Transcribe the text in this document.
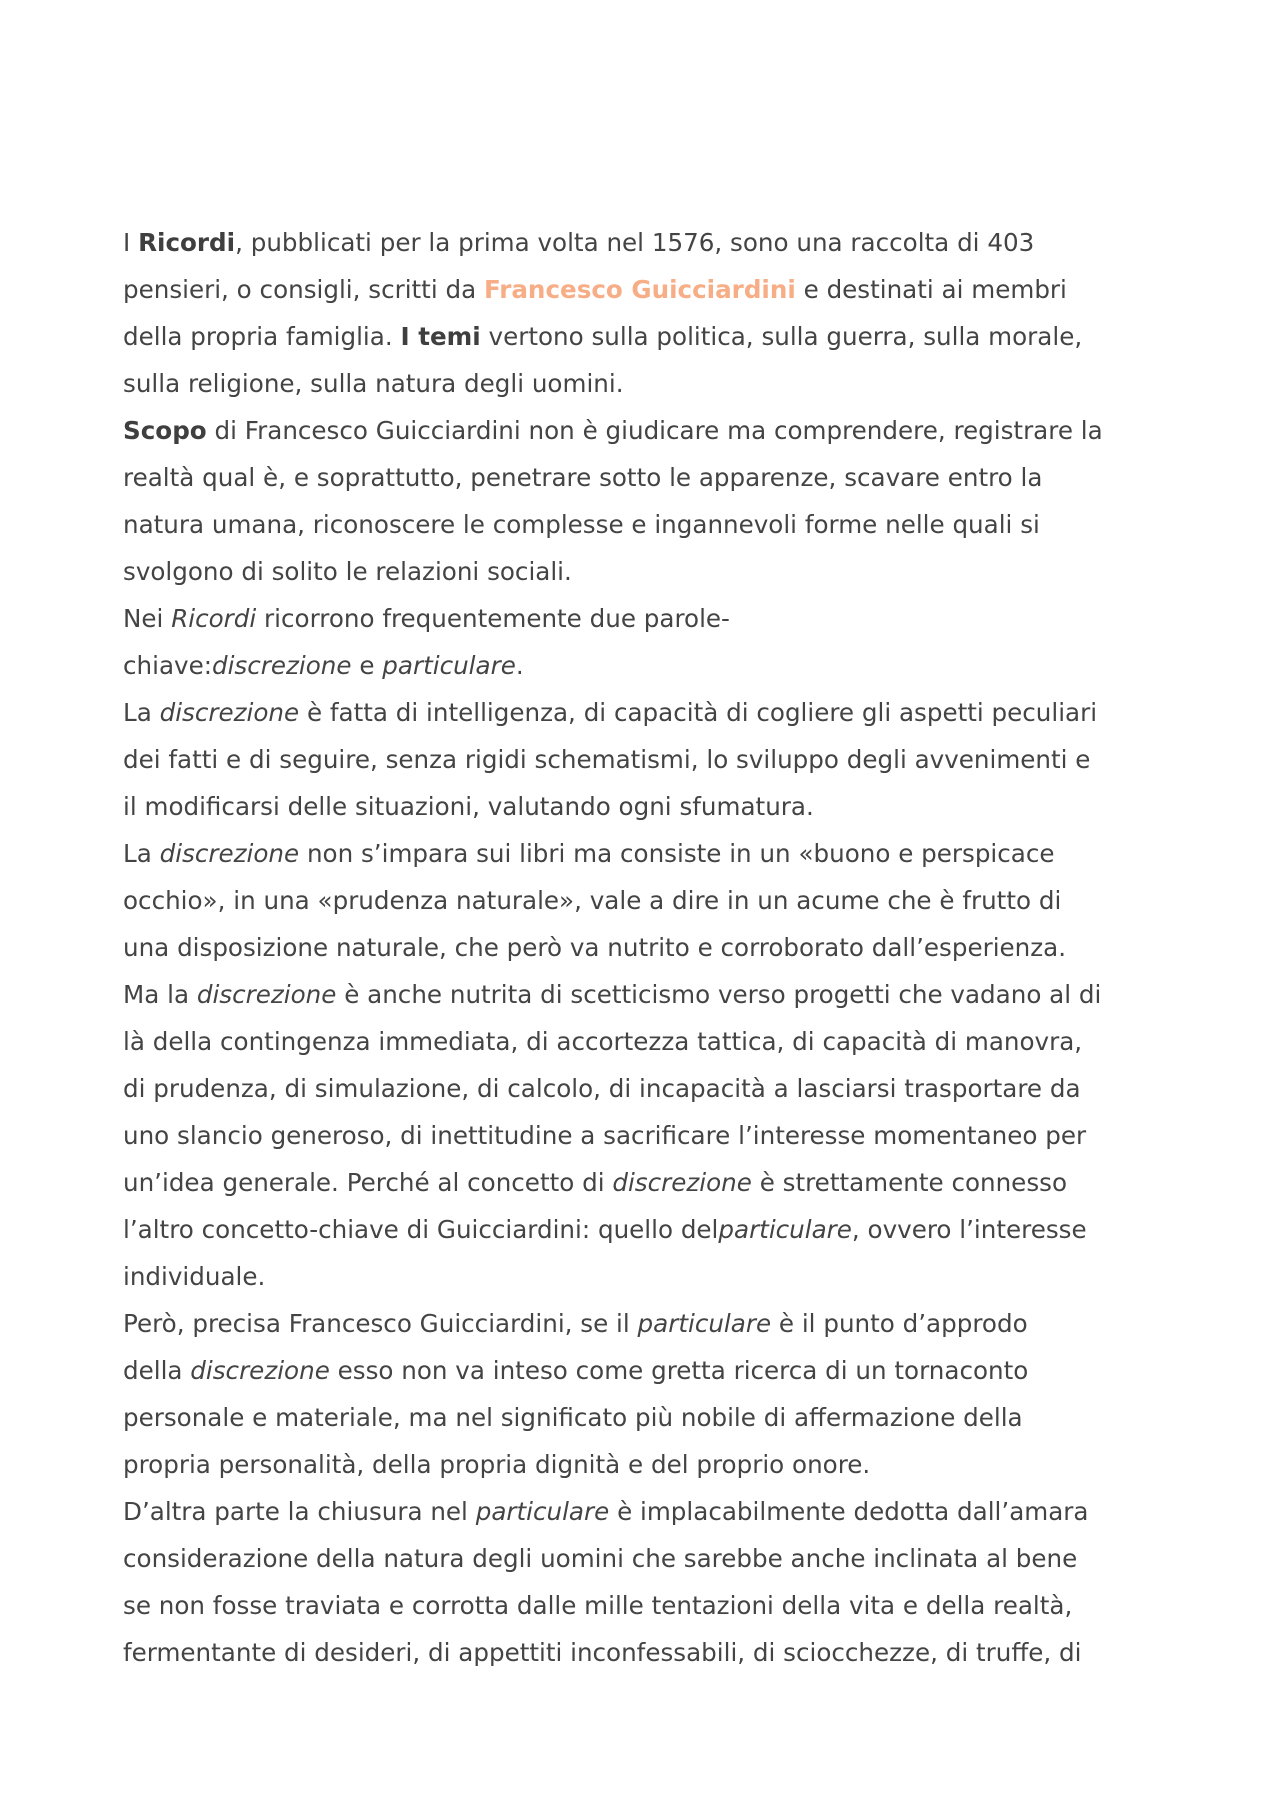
I Ricordi, pubblicati per la prima volta nel 1576, sono una raccolta di 403
pensieri, o consigli, scritti da Francesco Guicciardini e destinati ai membri
della propria famiglia. I temi vertono sulla politica, sulla guerra, sulla morale,
sulla religione, sulla natura degli uomini.
Scopo di Francesco Guicciardini non è giudicare ma comprendere, registrare la
realtà qual è, e soprattutto, penetrare sotto le apparenze, scavare entro la
natura umana, riconoscere le complesse e ingannevoli forme nelle quali si
svolgono di solito le relazioni sociali.
Nei Ricordi ricorrono frequentemente due parole-
chiave:discrezione e particulare.
La discrezione è fatta di intelligenza, di capacità di cogliere gli aspetti peculiari
dei fatti e di seguire, senza rigidi schematismi, lo sviluppo degli avvenimenti e
il modificarsi delle situazioni, valutando ogni sfumatura.
La discrezione non s’impara sui libri ma consiste in un «buono e perspicace
occhio», in una «prudenza naturale», vale a dire in un acume che è frutto di
una disposizione naturale, che però va nutrito e corroborato dall’esperienza.
Ma la discrezione è anche nutrita di scetticismo verso progetti che vadano al di
là della contingenza immediata, di accortezza tattica, di capacità di manovra,
di prudenza, di simulazione, di calcolo, di incapacità a lasciarsi trasportare da
uno slancio generoso, di inettitudine a sacrificare l’interesse momentaneo per
un’idea generale. Perché al concetto di discrezione è strettamente connesso
l’altro concetto-chiave di Guicciardini: quello delparticulare, ovvero l’interesse
individuale.
Però, precisa Francesco Guicciardini, se il particulare è il punto d’approdo
della discrezione esso non va inteso come gretta ricerca di un tornaconto
personale e materiale, ma nel significato più nobile di affermazione della
propria personalità, della propria dignità e del proprio onore.
D’altra parte la chiusura nel particulare è implacabilmente dedotta dall’amara
considerazione della natura degli uomini che sarebbe anche inclinata al bene
se non fosse traviata e corrotta dalle mille tentazioni della vita e della realtà,
fermentante di desideri, di appettiti inconfessabili, di sciocchezze, di truffe, di
